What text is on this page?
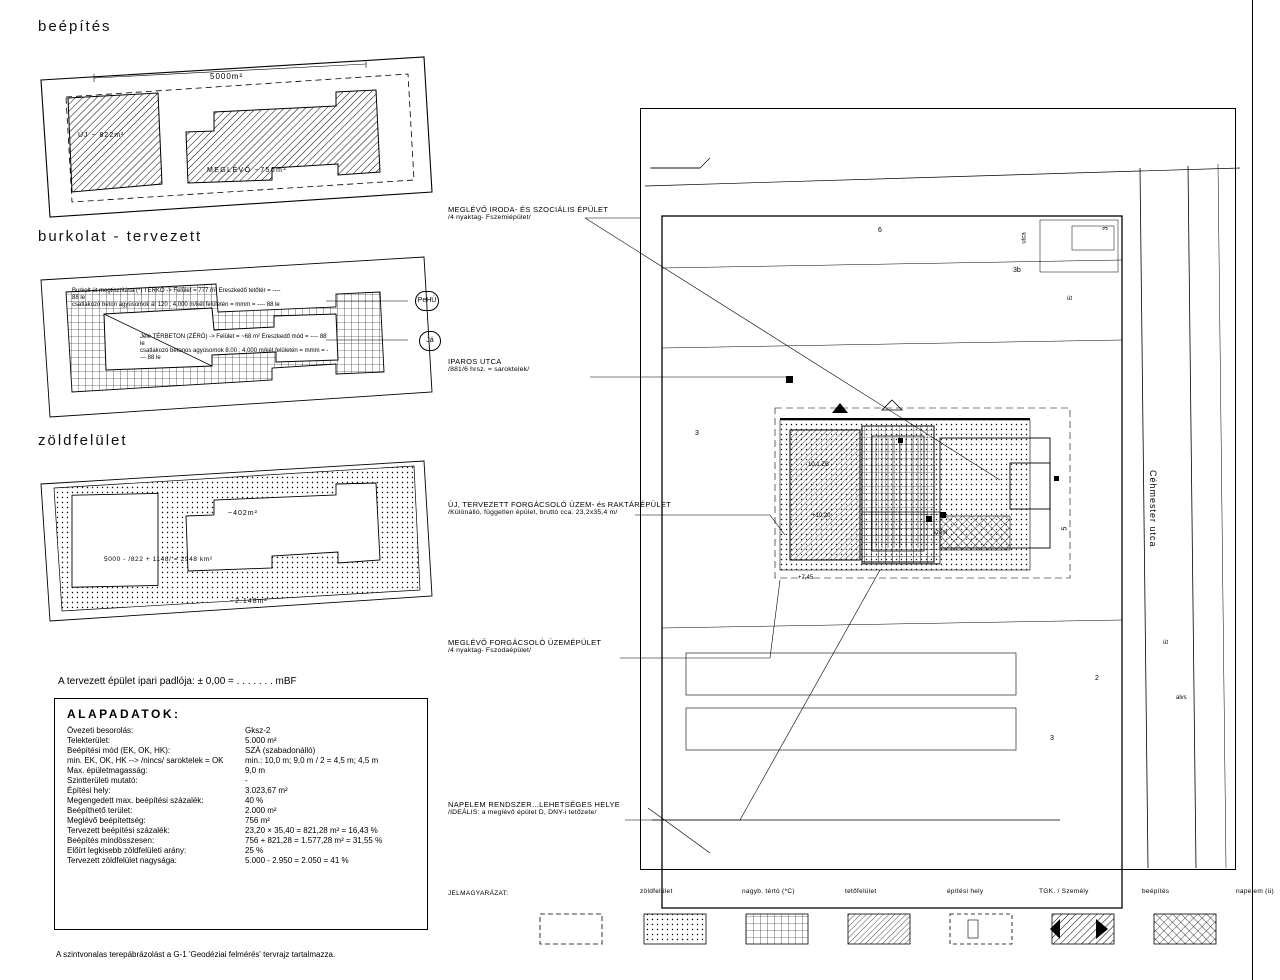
beépítés
5000m²
ÚJ ~ 822m²
MEGLÉVŐ ~756m²
burkolat - tervezett
Burkolt út megtisztítása (*) TÉRKŐ -> Felület = 777 m² Ereszkedő tetőtér = ---- 88 le
csatlakozó beton agyúsomok át 120 ; 4,000 m/két felületén = mmm = ---- 88 le
Jele TÉRBETON (ZÉRÓ) -> Felület = ~68 m² Ereszkedő mód = ---- 88 le
csatlakozó betonos agyúsomok 8.00 ; 4,000 m/két felületén = mmm = ---- 88 le
PeHÚ
Já
zöldfelület
~402m²
5000 - /822 + 1148/ = 2948 km²
~2.148m²
A tervezett épület ipari padlója: ± 0,00 = . . . . . . . mBF
ALAPADATOK:
Övezeti besorolás:	Gksz-2
Telekterület:	5.000 m²
Beépítési mód (EK, OK, HK):	SZÁ (szabadonálló)
min. EK, OK, HK --> /nincs/ saroktelek = OK	min.: 10,0 m; 9,0 m / 2 = 4,5 m; 4,5 m
Max. épületmagasság:	9,0 m
Szintterületi mutató:	-
Építési hely:	3.023,67 m²
Megengedett max. beépítési százalék:	40 %
Beépíthető terület:	2.000 m²
Meglévő beépítettség:	756 m²
Tervezett beépítési százalék:	23,20 × 35,40 = 821,28 m² = 16,43 %
Beépítés mindösszesen:	756 + 821,28 = 1.577,28 m² = 31,55 %
Előírt legkisebb zöldfelületi arány:	25 %
Tervezett zöldfelület nagysága:	5.000 - 2.950 = 2.050 = 41 %
A szintvonalas terepábrázolást a G-1 'Geodéziai felmérés' tervrajz tartalmazza.
MEGLÉVŐ IRODA- ÉS SZOCIÁLIS ÉPÜLET
/4 nyaktag- Fszemiépület/
IPAROS UTCA
/881/6 hrsz. = saroktelek/
ÚJ, TERVEZETT FORGÁCSOLÓ ÜZEM- és RAKTÁRÉPÜLET
/Különálló, független épület, bruttó cca. 23,2x35,4 m/
MEGLÉVŐ FORGÁCSOLÓ ÜZEMÉPÜLET
/4 nyaktag- Fszodaépület/
NAPELEM RENDSZER...LEHETSÉGES HELYE
/IDEÁLIS: a meglévő épület D, DNY-i tetőzete/
6
3b
3
3
5
2
3
út
út
alvs
Céhmester utca
+7,45
+10,20
10,1 ZB
szem
utca
JELMAGYARÁZAT:	zöldfelület	nagyb. tértó (*C)	tetőfelület	építési hely	TGK. / Személy	beépítés	napelem (ü)
